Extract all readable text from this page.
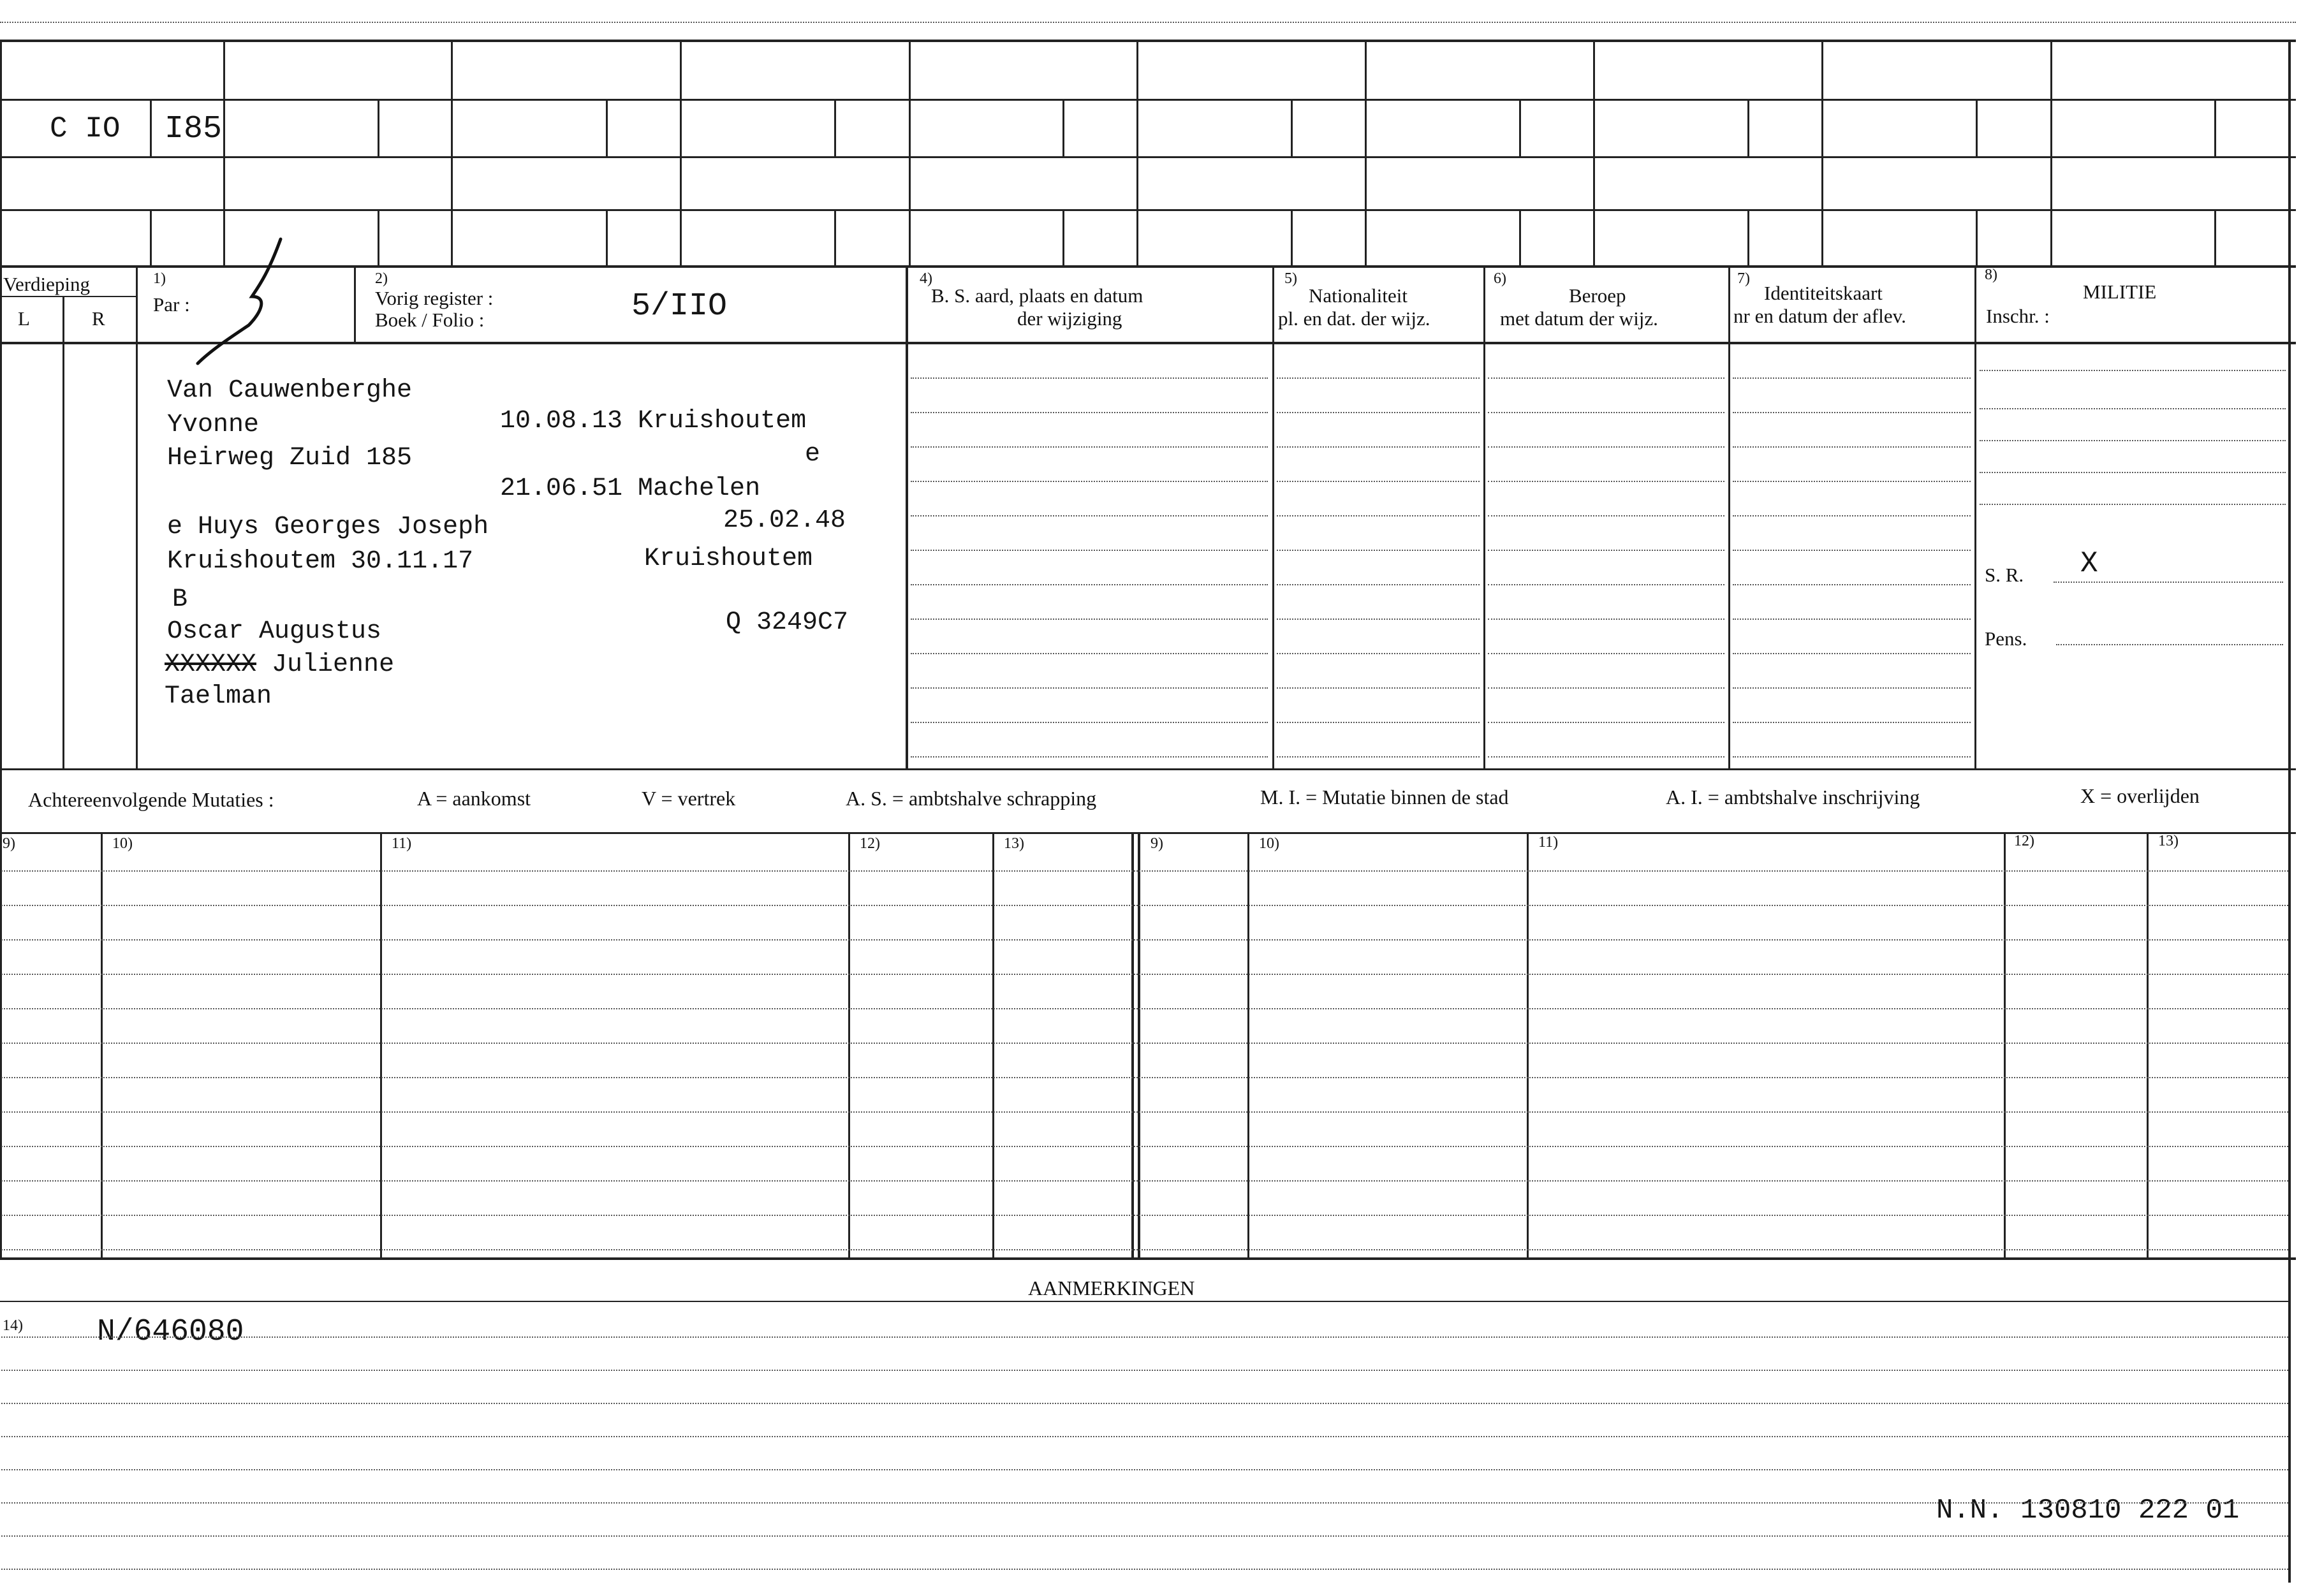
C IO I85
Verdieping
L	R
1)
Par :
2)
Vorig register :
Boek / Folio :	5/IIO
4)
B. S. aard, plaats en datum
der wijziging
5)
Nationaliteit
pl. en dat. der wijz.
6)
Beroep
met datum der wijz.
7)
Identiteitskaart
nr en datum der aflev.
8)
MILITIE
Inschr. :
Van Cauwenberghe
Yvonne
Heirweg Zuid 185
10.08.13 Kruishoutem
e
21.06.51 Machelen
e Huys Georges Joseph	25.02.48
Kruishoutem 30.11.17	Kruishoutem
B
Oscar Augustus	Q 3249C7
XXXXXX Julienne
Taelman
S. R. X
Pens.
Achtereenvolgende Mutaties :	A = aankomst	V = vertrek	A. S. = ambtshalve schrapping	M. I. = Mutatie binnen de stad	A. I. = ambtshalve inschrijving	X = overlijden
9)	10)	11)	12)	13)	9)	10)	11)	12)	13)
AANMERKINGEN
14) N/646080
N.N. 130810 222 01
